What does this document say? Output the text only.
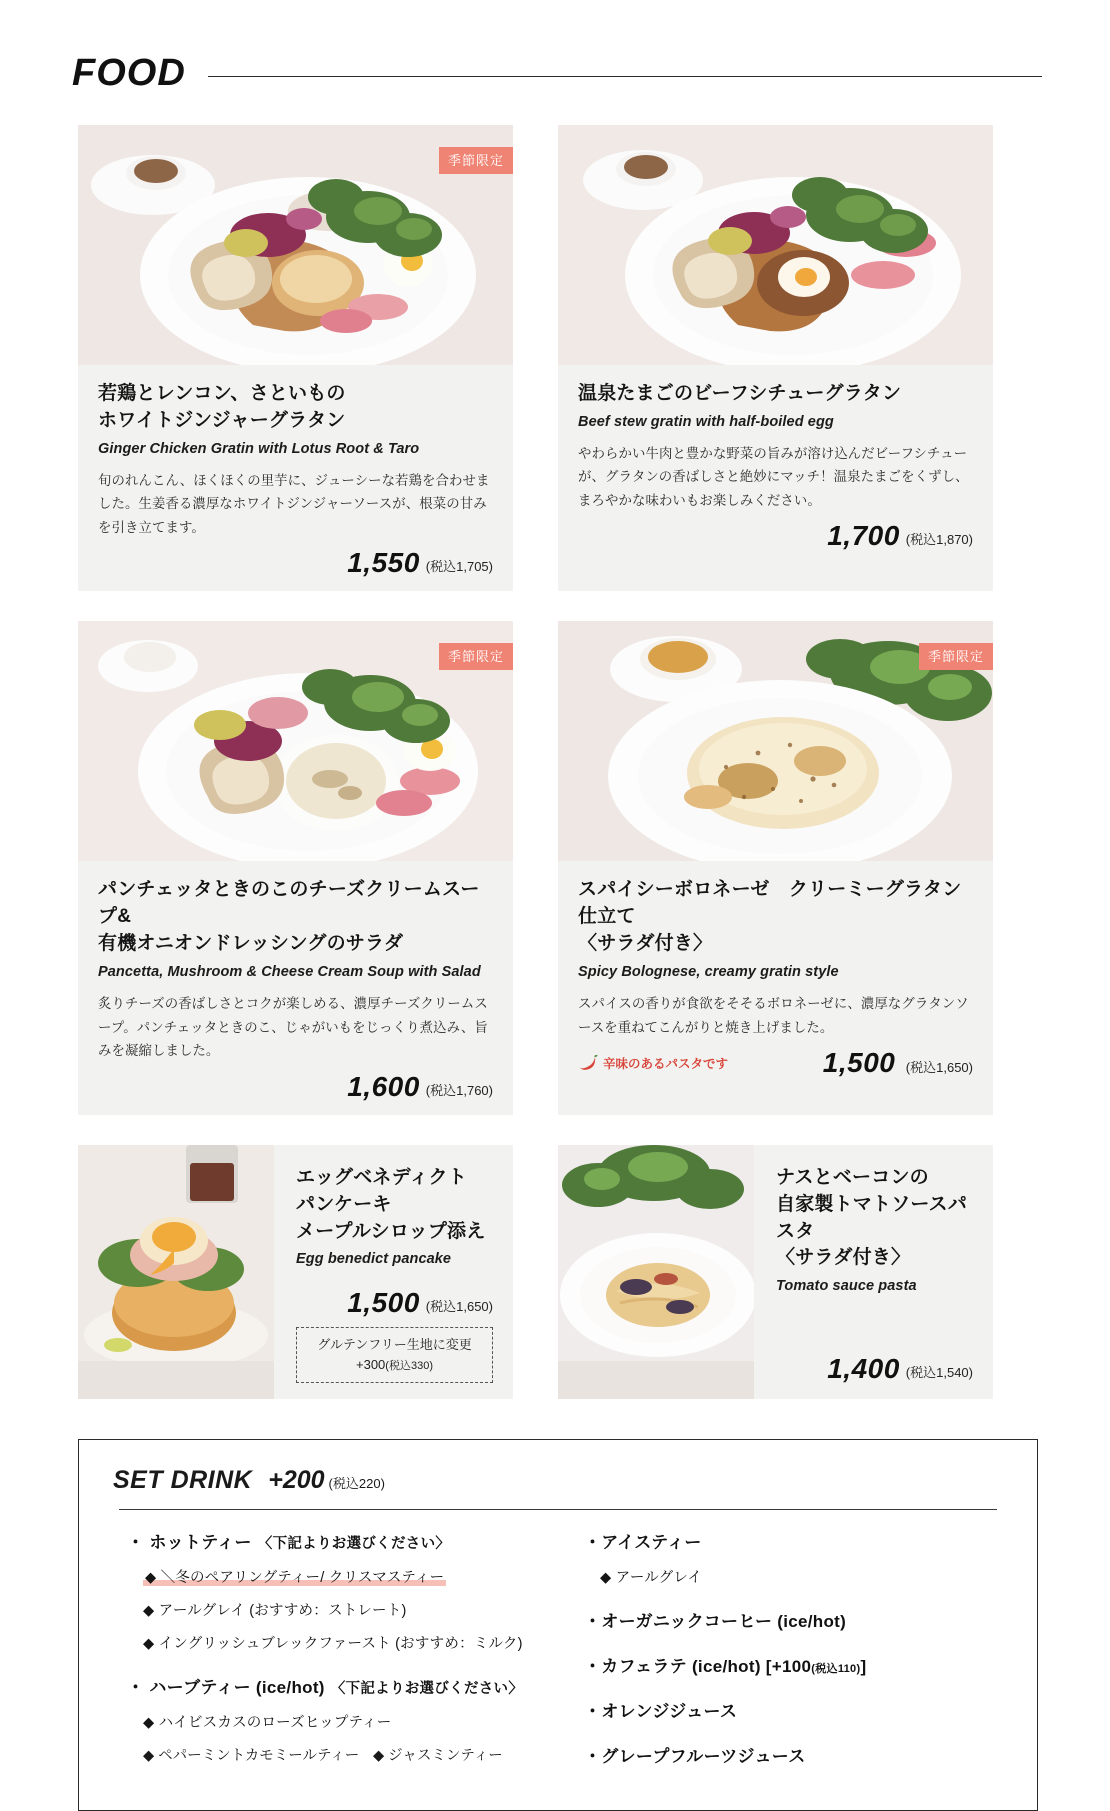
FOOD
季節限定
若鶏とレンコン、さといもの
ホワイトジンジャーグラタン
Ginger Chicken Gratin with Lotus Root & Taro

旬のれんこん、ほくほくの里芋に、ジューシーな若鶏を合わせました。生姜香る濃厚なホワイトジンジャーソースが、根菜の甘みを引き立てます。

1,550 (税込1,705)
温泉たまごのビーフシチューグラタン
Beef stew gratin with half-boiled egg

やわらかい牛肉と豊かな野菜の旨みが溶け込んだビーフシチューが、グラタンの香ばしさと絶妙にマッチ！温泉たまごをくずし、まろやかな味わいもお楽しみください。

1,700 (税込1,870)
季節限定
パンチェッタときのこのチーズクリームスープ&
有機オニオンドレッシングのサラダ
Pancetta, Mushroom & Cheese Cream Soup with Salad

炙りチーズの香ばしさとコクが楽しめる、濃厚チーズクリームスープ。パンチェッタときのこ、じゃがいもをじっくり煮込み、旨みを凝縮しました。

1,600 (税込1,760)
季節限定
スパイシーボロネーゼ　クリーミーグラタン仕立て
〈サラダ付き〉
Spicy Bolognese, creamy gratin style

スパイスの香りが食欲をそそるボロネーゼに、濃厚なグラタンソースを重ねてこんがりと焼き上げました。

辛味のあるパスタです	1,500 (税込1,650)
エッグベネディクト
パンケーキ
メープルシロップ添え
Egg benedict pancake
1,500 (税込1,650)
グルテンフリー生地に変更
+300(税込330)
ナスとベーコンの
自家製トマトソースパスタ
〈サラダ付き〉
Tomato sauce pasta
1,400 (税込1,540)
SET DRINK +200 (税込220)
・ ホットティー 〈下記よりお選びください〉
◆ ＼冬のペアリングティー/ クリスマスティー
◆ アールグレイ (おすすめ：ストレート)
◆ イングリッシュブレックファースト (おすすめ：ミルク)
・ ハーブティー (ice/hot) 〈下記よりお選びください〉
◆ ハイビスカスのローズヒップティー
◆ ペパーミントカモミールティー ◆ ジャスミンティー
・アイスティー
◆ アールグレイ
・オーガニックコーヒー (ice/hot)
・カフェラテ (ice/hot) [+100(税込110)]
・オレンジジュース
・グレープフルーツジュース
